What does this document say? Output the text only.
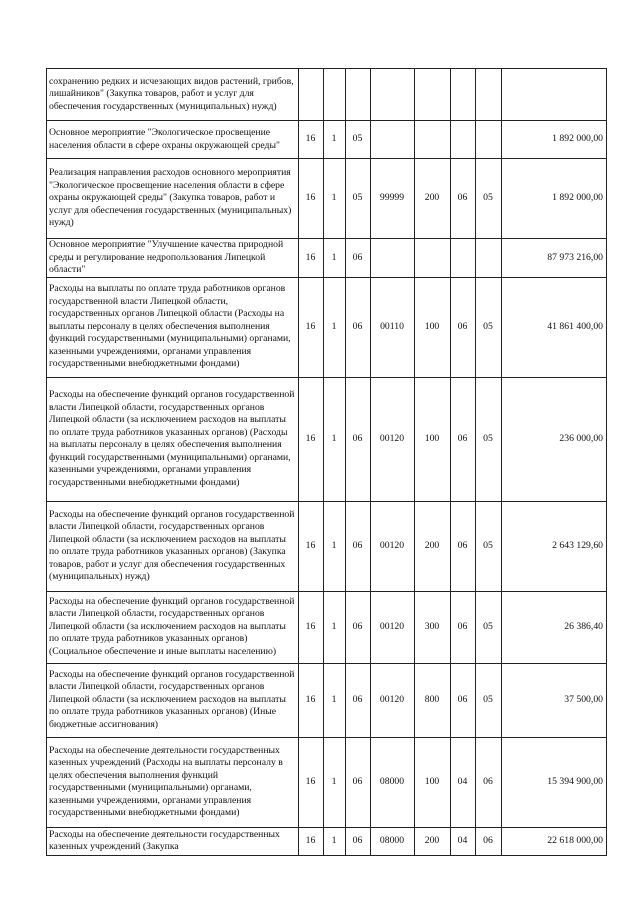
сохранению редких и исчезающих видов растений, грибов, лишайников" (Закупка товаров, работ и услуг для обеспечения государственных (муниципальных) нужд)								
Основное мероприятие "Экологическое просвещение населения области в сфере охраны окружающей среды"	16	1	05					1 892 000,00
Реализация направления расходов основного мероприятия "Экологическое просвещение населения области в сфере охраны окружающей среды" (Закупка товаров, работ и услуг для обеспечения государственных (муниципальных) нужд)	16	1	05	99999	200	06	05	1 892 000,00
Основное мероприятие "Улучшение качества природной среды и регулирование недропользования Липецкой области"	16	1	06					87 973 216,00
Расходы на выплаты по оплате труда работников органов государственной власти Липецкой области, государственных органов Липецкой области (Расходы на выплаты персоналу в целях обеспечения выполнения функций государственными (муниципальными) органами, казенными учреждениями, органами управления государственными внебюджетными фондами)	16	1	06	00110	100	06	05	41 861 400,00
Расходы на обеспечение функций органов государственной власти Липецкой области, государственных органов Липецкой области (за исключением расходов на выплаты по оплате труда работников указанных органов) (Расходы на выплаты персоналу в целях обеспечения выполнения функций государственными (муниципальными) органами, казенными учреждениями, органами управления государственными внебюджетными фондами)	16	1	06	00120	100	06	05	236 000,00
Расходы на обеспечение функций органов государственной власти Липецкой области, государственных органов Липецкой области (за исключением расходов на выплаты по оплате труда работников указанных органов) (Закупка товаров, работ и услуг для обеспечения государственных (муниципальных) нужд)	16	1	06	00120	200	06	05	2 643 129,60
Расходы на обеспечение функций органов государственной власти Липецкой области, государственных органов Липецкой области (за исключением расходов на выплаты по оплате труда работников указанных органов) (Социальное обеспечение и иные выплаты населению)	16	1	06	00120	300	06	05	26 386,40
Расходы на обеспечение функций органов государственной власти Липецкой области, государственных органов Липецкой области (за исключением расходов на выплаты по оплате труда работников указанных органов) (Иные бюджетные ассигнования)	16	1	06	00120	800	06	05	37 500,00
Расходы на обеспечение деятельности государственных казенных учреждений (Расходы на выплаты персоналу в целях обеспечения выполнения функций государственными (муниципальными) органами, казенными учреждениями, органами управления государственными внебюджетными фондами)	16	1	06	08000	100	04	06	15 394 900,00
Расходы на обеспечение деятельности государственных казенных учреждений (Закупка	16	1	06	08000	200	04	06	22 618 000,00
